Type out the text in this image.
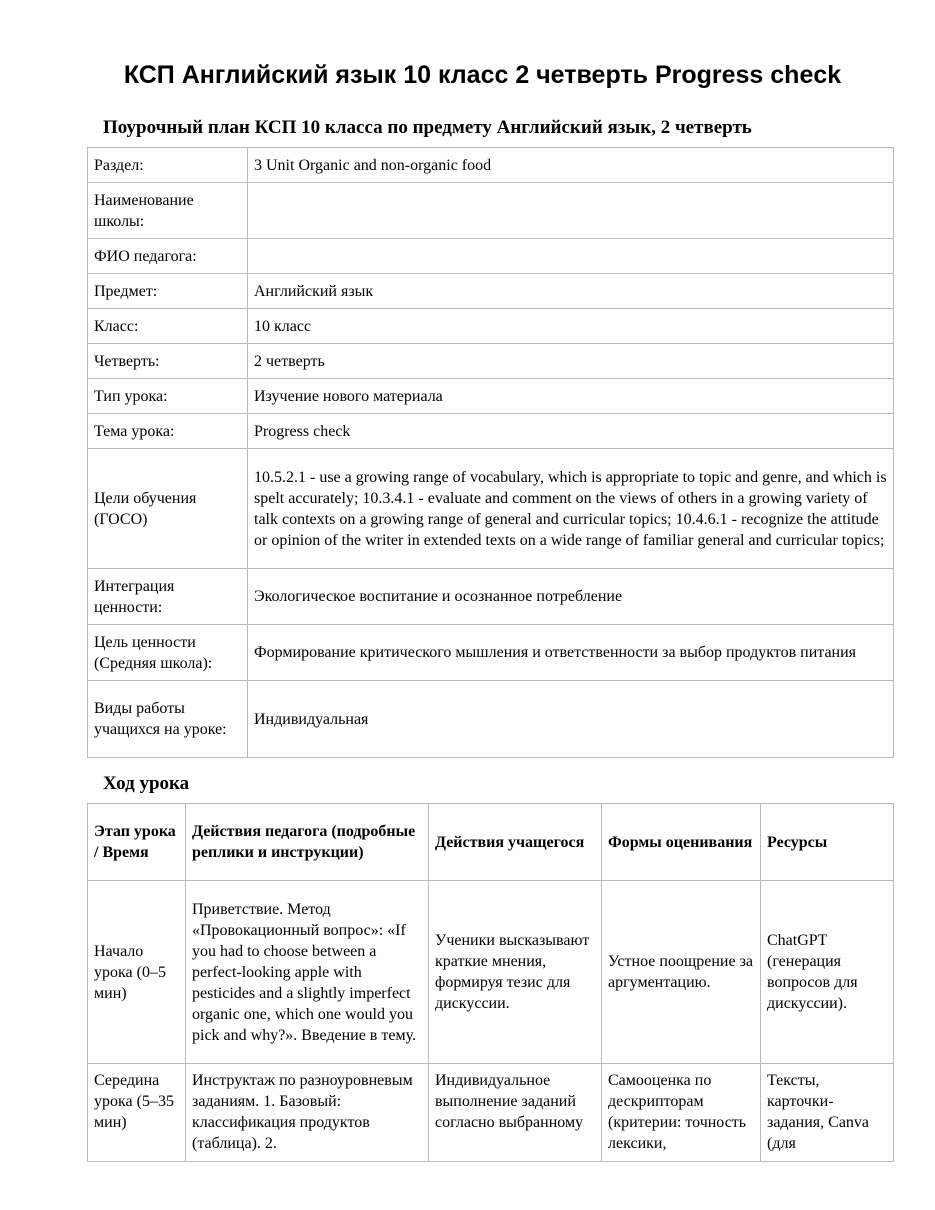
КСП Английский язык 10 класс 2 четверть Progress check
Поурочный план КСП 10 класса по предмету Английский язык, 2 четверть
Раздел:	3 Unit Organic and non-organic food
Наименование школы:	
ФИО педагога:	
Предмет:	Английский язык
Класс:	10 класс
Четверть:	2 четверть
Тип урока:	Изучение нового материала
Тема урока:	Progress check
Цели обучения (ГОСО)	10.5.2.1 - use a growing range of vocabulary, which is appropriate to topic and genre, and which is spelt accurately; 10.3.4.1 - evaluate and comment on the views of others in a growing variety of talk contexts on a growing range of general and curricular topics; 10.4.6.1 - recognize the attitude or opinion of the writer in extended texts on a wide range of familiar general and curricular topics;
Интеграция ценности:	Экологическое воспитание и осознанное потребление
Цель ценности (Средняя школа):	Формирование критического мышления и ответственности за выбор продуктов питания
Виды работы учащихся на уроке:	Индивидуальная
Ход урока
Этап урока / Время	Действия педагога (подробные реплики и инструкции)	Действия учащегося	Формы оценивания	Ресурсы
Начало урока (0–5 мин)	Приветствие. Метод «Провокационный вопрос»: «If you had to choose between a perfect-looking apple with pesticides and a slightly imperfect organic one, which one would you pick and why?». Введение в тему.	Ученики высказывают краткие мнения, формируя тезис для дискуссии.	Устное поощрение за аргументацию.	ChatGPT (генерация вопросов для дискуссии).
Середина урока (5–35 мин)	Инструктаж по разноуровневым заданиям. 1. Базовый: классификация продуктов (таблица). 2.	Индивидуальное выполнение заданий согласно выбранному	Самооценка по дескрипторам (критерии: точность лексики,	Тексты, карточки-задания, Canva (для
